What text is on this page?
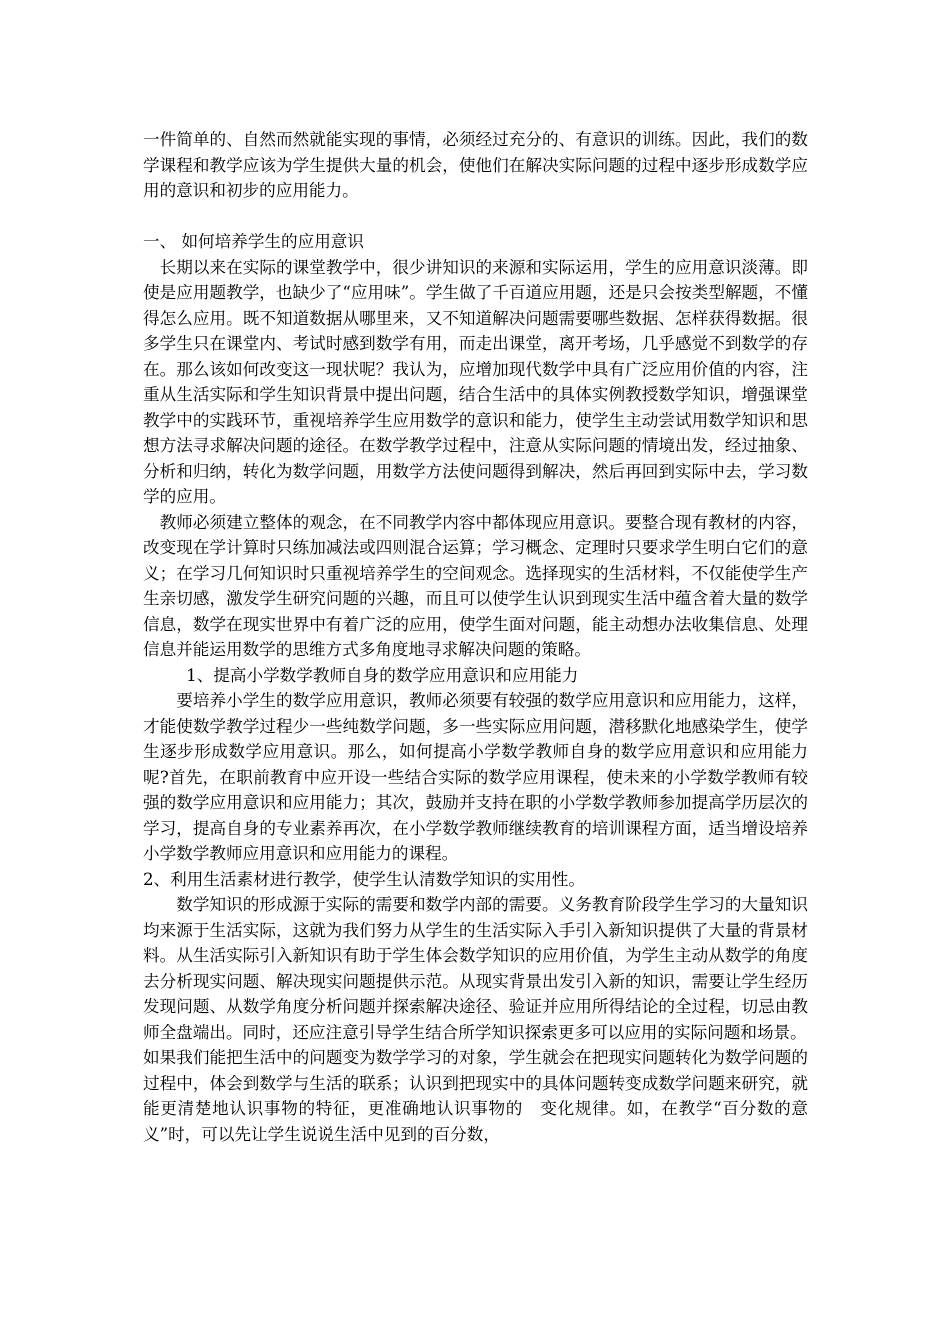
一件简单的、自然而然就能实现的事情，必须经过充分的、有意识的训练。因此，我们的数学课程和教学应该为学生提供大量的机会，使他们在解决实际问题的过程中逐步形成数学应用的意识和初步的应用能力。

一、 如何培养学生的应用意识

长期以来在实际的课堂教学中，很少讲知识的来源和实际运用，学生的应用意识淡薄。即使是应用题教学，也缺少了“应用味”。学生做了千百道应用题，还是只会按类型解题，不懂得怎么应用。既不知道数据从哪里来，又不知道解决问题需要哪些数据、怎样获得数据。很多学生只在课堂内、考试时感到数学有用，而走出课堂，离开考场，几乎感觉不到数学的存在。那么该如何改变这一现状呢？我认为，应增加现代数学中具有广泛应用价值的内容，注重从生活实际和学生知识背景中提出问题，结合生活中的具体实例教授数学知识，增强课堂教学中的实践环节，重视培养学生应用数学的意识和能力，使学生主动尝试用数学知识和思想方法寻求解决问题的途径。在数学教学过程中，注意从实际问题的情境出发，经过抽象、分析和归纳，转化为数学问题，用数学方法使问题得到解决，然后再回到实际中去，学习数学的应用。

教师必须建立整体的观念，在不同教学内容中都体现应用意识。要整合现有教材的内容，改变现在学计算时只练加减法或四则混合运算；学习概念、定理时只要求学生明白它们的意义；在学习几何知识时只重视培养学生的空间观念。选择现实的生活材料，不仅能使学生产生亲切感，激发学生研究问题的兴趣，而且可以使学生认识到现实生活中蕴含着大量的数学信息，数学在现实世界中有着广泛的应用，使学生面对问题，能主动想办法收集信息、处理信息并能运用数学的思维方式多角度地寻求解决问题的策略。

1、提高小学数学教师自身的数学应用意识和应用能力

要培养小学生的数学应用意识，教师必须要有较强的数学应用意识和应用能力，这样，才能使数学教学过程少一些纯数学问题，多一些实际应用问题，潜移默化地感染学生，使学生逐步形成数学应用意识。那么，如何提高小学数学教师自身的数学应用意识和应用能力呢?首先，在职前教育中应开设一些结合实际的数学应用课程，使未来的小学数学教师有较强的数学应用意识和应用能力；其次，鼓励并支持在职的小学数学教师参加提高学历层次的学习，提高自身的专业素养再次，在小学数学教师继续教育的培训课程方面，适当增设培养小学数学教师应用意识和应用能力的课程。

2、利用生活素材进行教学，使学生认清数学知识的实用性。

数学知识的形成源于实际的需要和数学内部的需要。义务教育阶段学生学习的大量知识均来源于生活实际，这就为我们努力从学生的生活实际入手引入新知识提供了大量的背景材料。从生活实际引入新知识有助于学生体会数学知识的应用价值，为学生主动从数学的角度去分析现实问题、解决现实问题提供示范。从现实背景出发引入新的知识，需要让学生经历发现问题、从数学角度分析问题并探索解决途径、验证并应用所得结论的全过程，切忌由教师全盘端出。同时，还应注意引导学生结合所学知识探索更多可以应用的实际问题和场景。

如果我们能把生活中的问题变为数学学习的对象，学生就会在把现实问题转化为数学问题的过程中，体会到数学与生活的联系；认识到把现实中的具体问题转变成数学问题来研究，就能更清楚地认识事物的特征，更准确地认识事物的　变化规律。如，在教学“百分数的意义”时，可以先让学生说说生活中见到的百分数，
